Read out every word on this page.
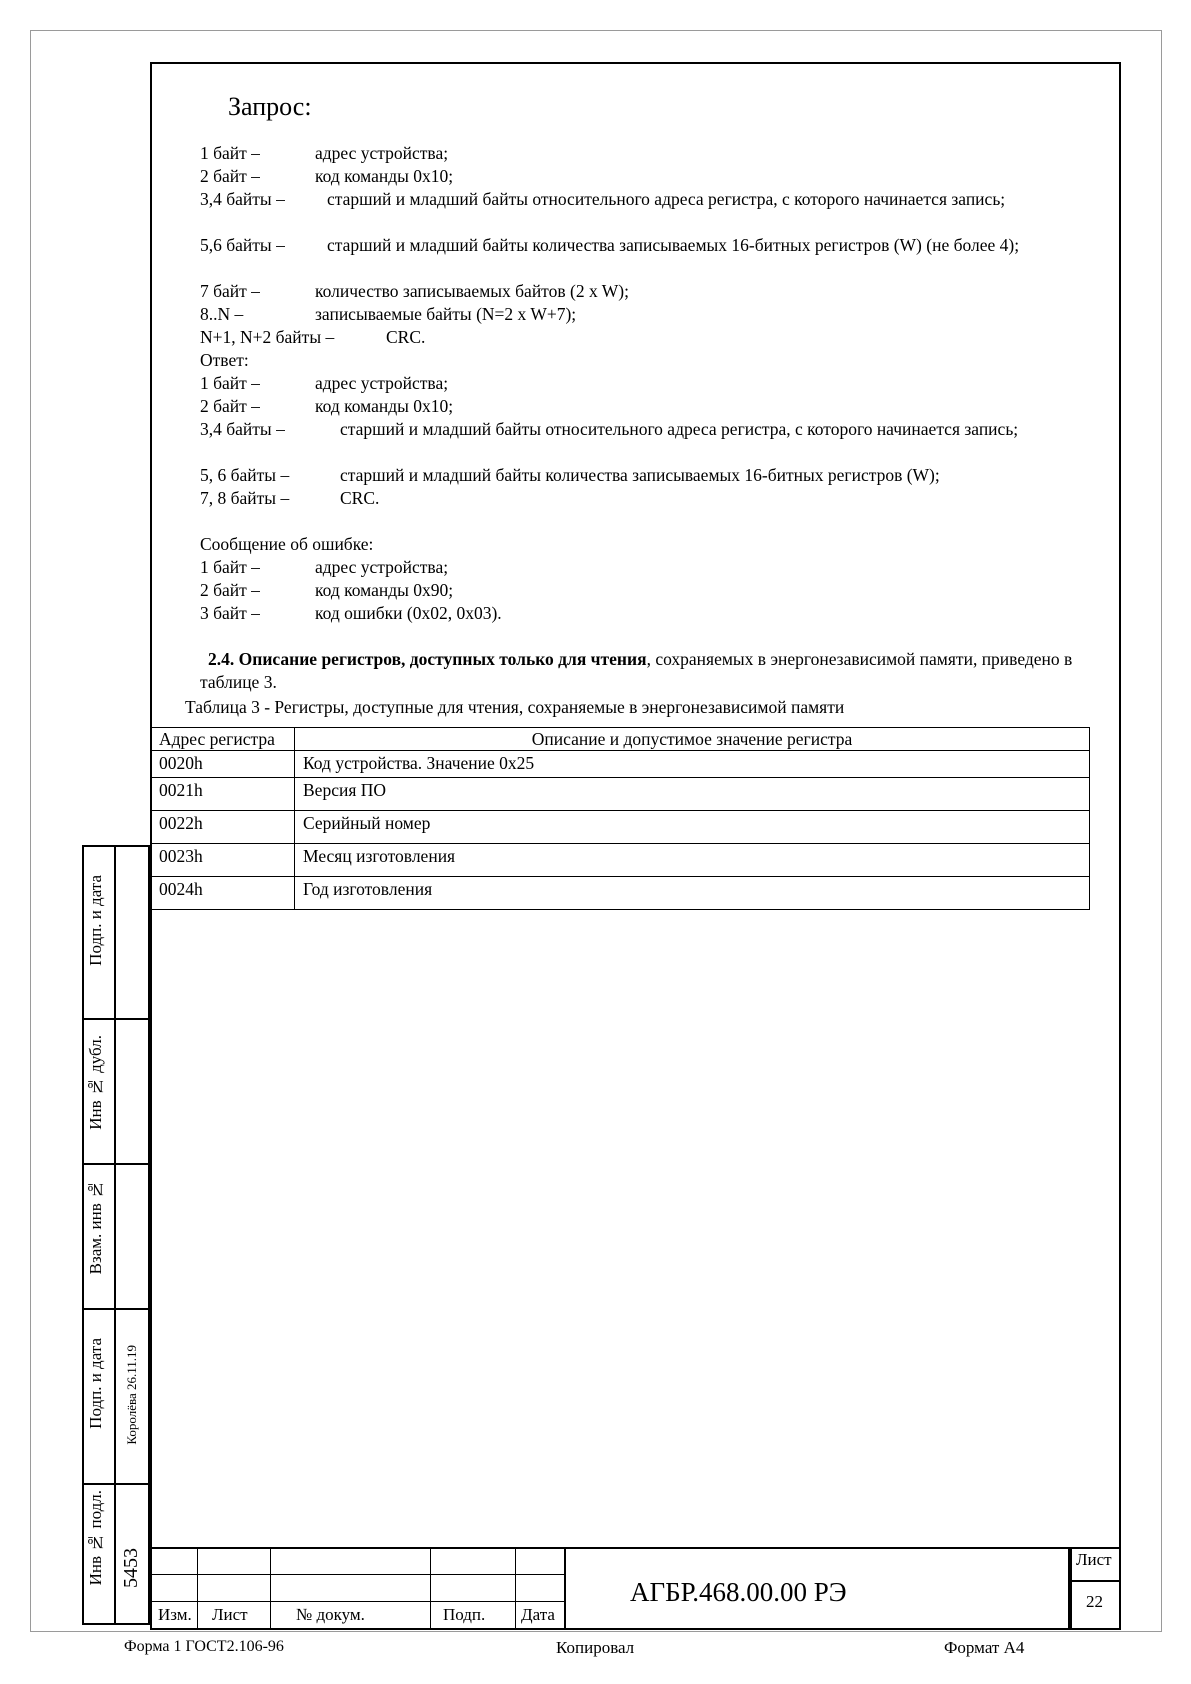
Запрос:
1 байт –	адрес устройства;
2 байт –	код команды 0x10;
3,4 байты – старший и младший байты относительного адреса регистра, с которого начинается запись;
5,6 байты – старший и младший байты количества записываемых 16-битных регистров (W) (не более 4);
7 байт –	количество записываемых байтов (2 x W);
8..N –	записываемые байты (N=2 x W+7);
N+1, N+2 байты –	CRC.
Ответ:
1 байт –	адрес устройства;
2 байт –	код команды 0x10;
3,4 байты –	старший и младший байты относительного адреса регистра, с которого начинается запись;
5, 6 байты –	старший и младший байты количества записываемых 16-битных регистров (W);
7, 8 байты –	CRC.
Сообщение об ошибке:
1 байт –	адрес устройства;
2 байт –	код команды 0x90;
3 байт –	код ошибки (0x02, 0x03).
2.4. Описание регистров, доступных только для чтения, сохраняемых в энергонезависимой памяти, приведено в таблице 3.
Таблица 3 - Регистры, доступные для чтения, сохраняемые в энергонезависимой памяти
Адрес регистра	Описание и допустимое значение регистра
0020h	Код устройства. Значение 0x25
0021h	Версия ПО
0022h	Серийный номер
0023h	Месяц изготовления
0024h	Год изготовления
Подп. и дата
Инв № дубл.
Взам. инв №
Подп. и дата
Инв № подл.
Королёва 26.11.19
5453
Изм. Лист	№ докум.	Подп. Дата
АГБР.468.00.00 РЭ
Лист
22
Форма 1 ГОСТ2.106-96	Копировал	Формат А4
